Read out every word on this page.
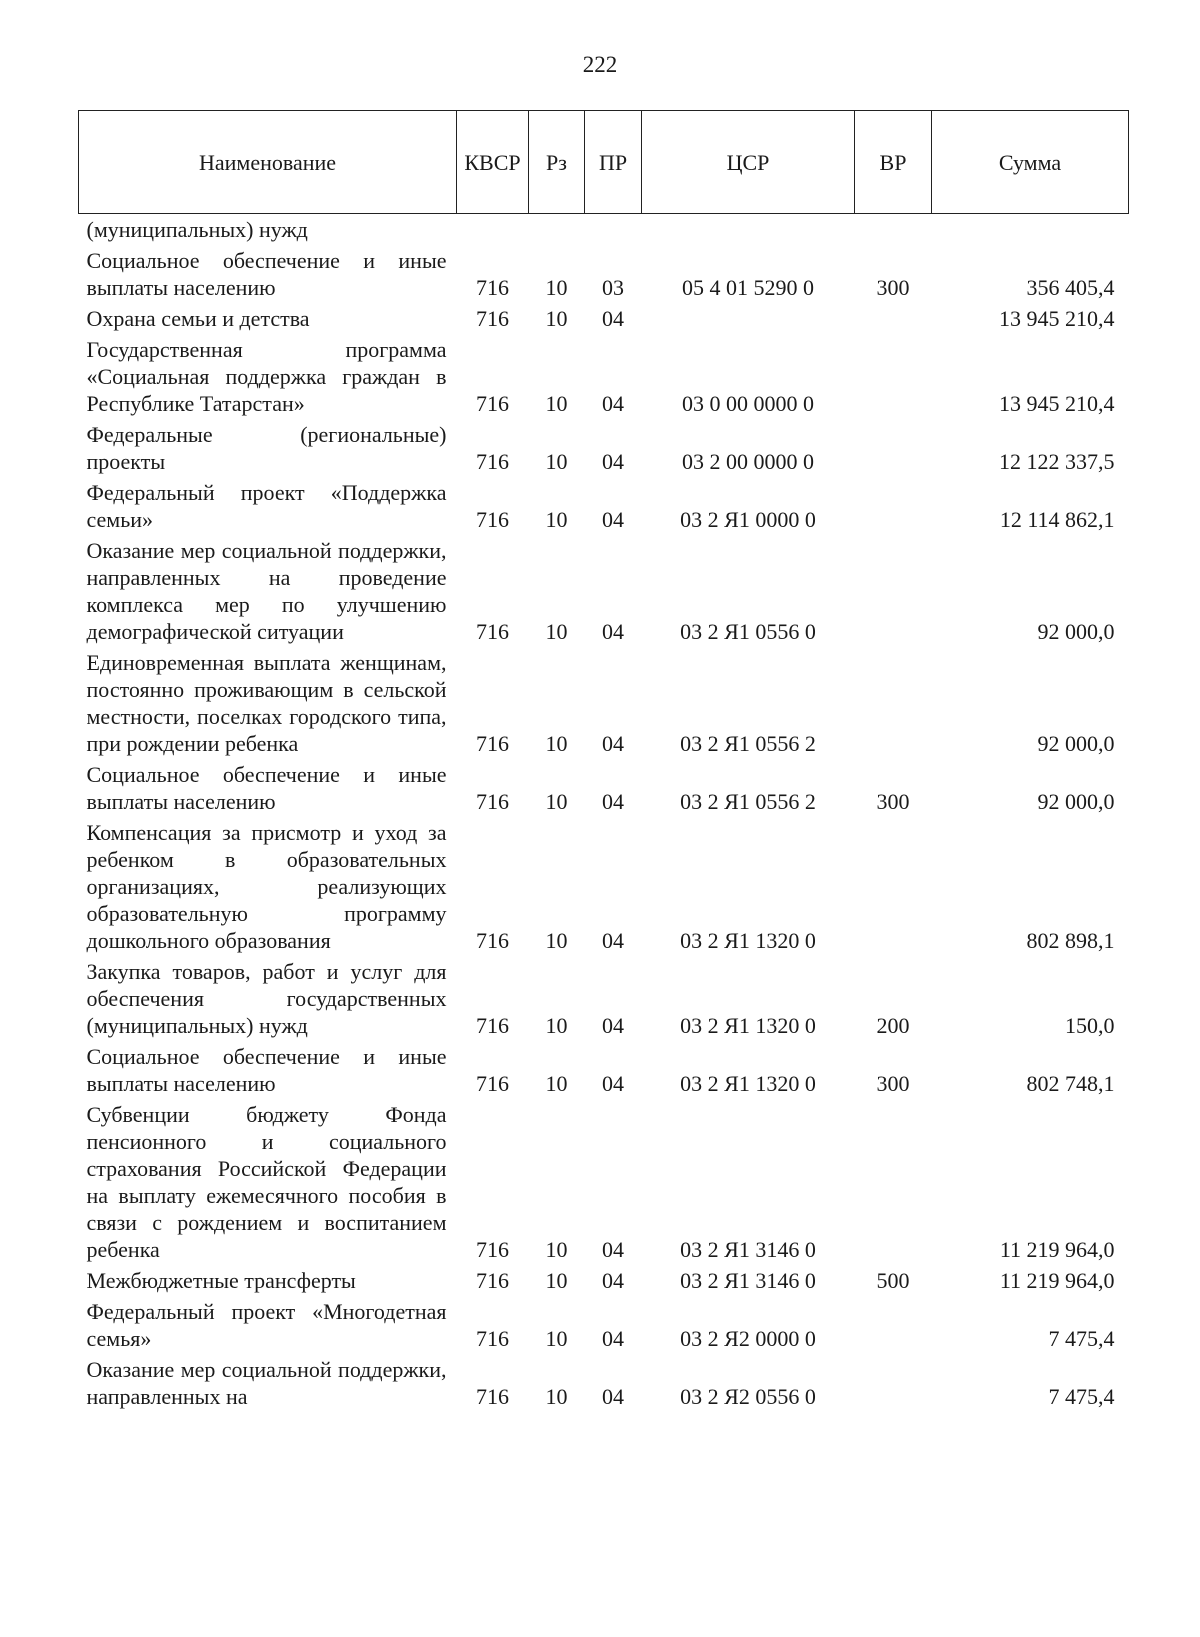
222
Наименование	КВСР	Рз	ПР	ЦСР	ВР	Сумма
(муниципальных) нужд						
Социальное обеспечение и иные выплаты населению	716	10	03	05 4 01 5290 0	300	356 405,4
Охрана семьи и детства	716	10	04			13 945 210,4
Государственная программа «Социальная поддержка граждан в Республике Татарстан»	716	10	04	03 0 00 0000 0		13 945 210,4
Федеральные (региональные) проекты	716	10	04	03 2 00 0000 0		12 122 337,5
Федеральный проект «Поддержка семьи»	716	10	04	03 2 Я1 0000 0		12 114 862,1
Оказание мер социальной поддержки, направленных на проведение комплекса мер по улучшению демографической ситуации	716	10	04	03 2 Я1 0556 0		92 000,0
Единовременная выплата женщинам, постоянно проживающим в сельской местности, поселках городского типа, при рождении ребенка	716	10	04	03 2 Я1 0556 2		92 000,0
Социальное обеспечение и иные выплаты населению	716	10	04	03 2 Я1 0556 2	300	92 000,0
Компенсация за присмотр и уход за ребенком в образовательных организациях, реализующих образовательную программу дошкольного образования	716	10	04	03 2 Я1 1320 0		802 898,1
Закупка товаров, работ и услуг для обеспечения государственных (муниципальных) нужд	716	10	04	03 2 Я1 1320 0	200	150,0
Социальное обеспечение и иные выплаты населению	716	10	04	03 2 Я1 1320 0	300	802 748,1
Субвенции бюджету Фонда пенсионного и социального страхования Российской Федерации на выплату ежемесячного пособия в связи с рождением и воспитанием ребенка	716	10	04	03 2 Я1 3146 0		11 219 964,0
Межбюджетные трансферты	716	10	04	03 2 Я1 3146 0	500	11 219 964,0
Федеральный проект «Многодетная семья»	716	10	04	03 2 Я2 0000 0		7 475,4
Оказание мер социальной поддержки, направленных на	716	10	04	03 2 Я2 0556 0		7 475,4
